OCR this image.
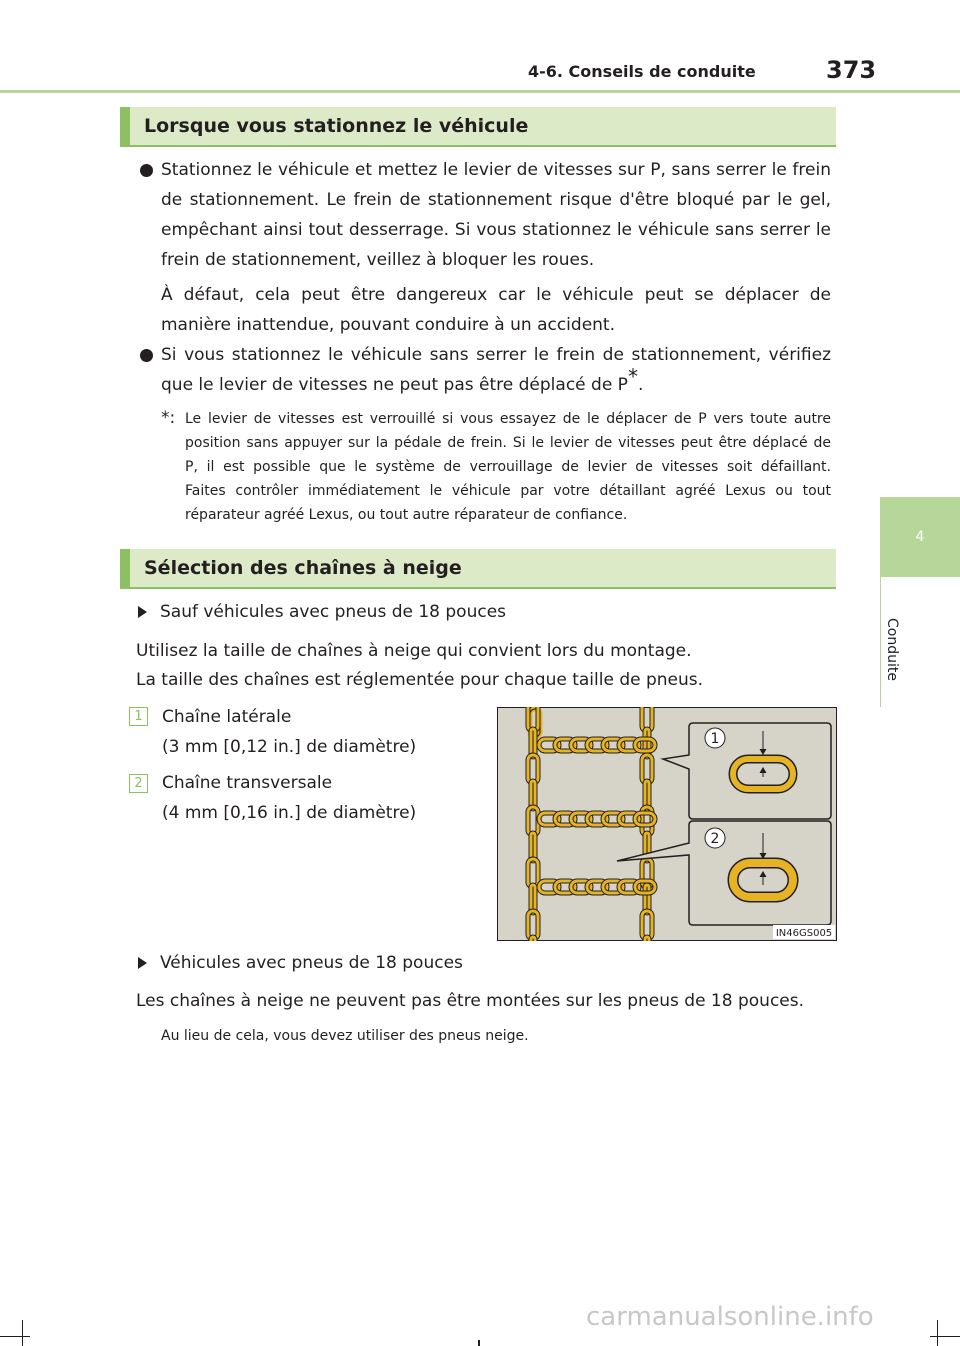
4-6. Conseils de conduite	373
4
Conduite
Lorsque vous stationnez le véhicule
Stationnez le véhicule et mettez le levier de vitesses sur P, sans serrer le frein
de stationnement. Le frein de stationnement risque d'être bloqué par le gel,
empêchant ainsi tout desserrage. Si vous stationnez le véhicule sans serrer le
frein de stationnement, veillez à bloquer les roues.
À défaut, cela peut être dangereux car le véhicule peut se déplacer de
manière inattendue, pouvant conduire à un accident.
Si vous stationnez le véhicule sans serrer le frein de stationnement, vérifiez
que le levier de vitesses ne peut pas être déplacé de P*.
*: Le levier de vitesses est verrouillé si vous essayez de le déplacer de P vers toute autre
position sans appuyer sur la pédale de frein. Si le levier de vitesses peut être déplacé de
P, il est possible que le système de verrouillage de levier de vitesses soit défaillant.
Faites contrôler immédiatement le véhicule par votre détaillant agréé Lexus ou tout
réparateur agréé Lexus, ou tout autre réparateur de confiance.
Sélection des chaînes à neige
Sauf véhicules avec pneus de 18 pouces
Utilisez la taille de chaînes à neige qui convient lors du montage.
La taille des chaînes est réglementée pour chaque taille de pneus.
1	Chaîne latérale
(3 mm [0,12 in.] de diamètre)
2	Chaîne transversale
(4 mm [0,16 in.] de diamètre)
1
2
IN46GS005
Véhicules avec pneus de 18 pouces
Les chaînes à neige ne peuvent pas être montées sur les pneus de 18 pouces.
Au lieu de cela, vous devez utiliser des pneus neige.
carmanualsonline.info
